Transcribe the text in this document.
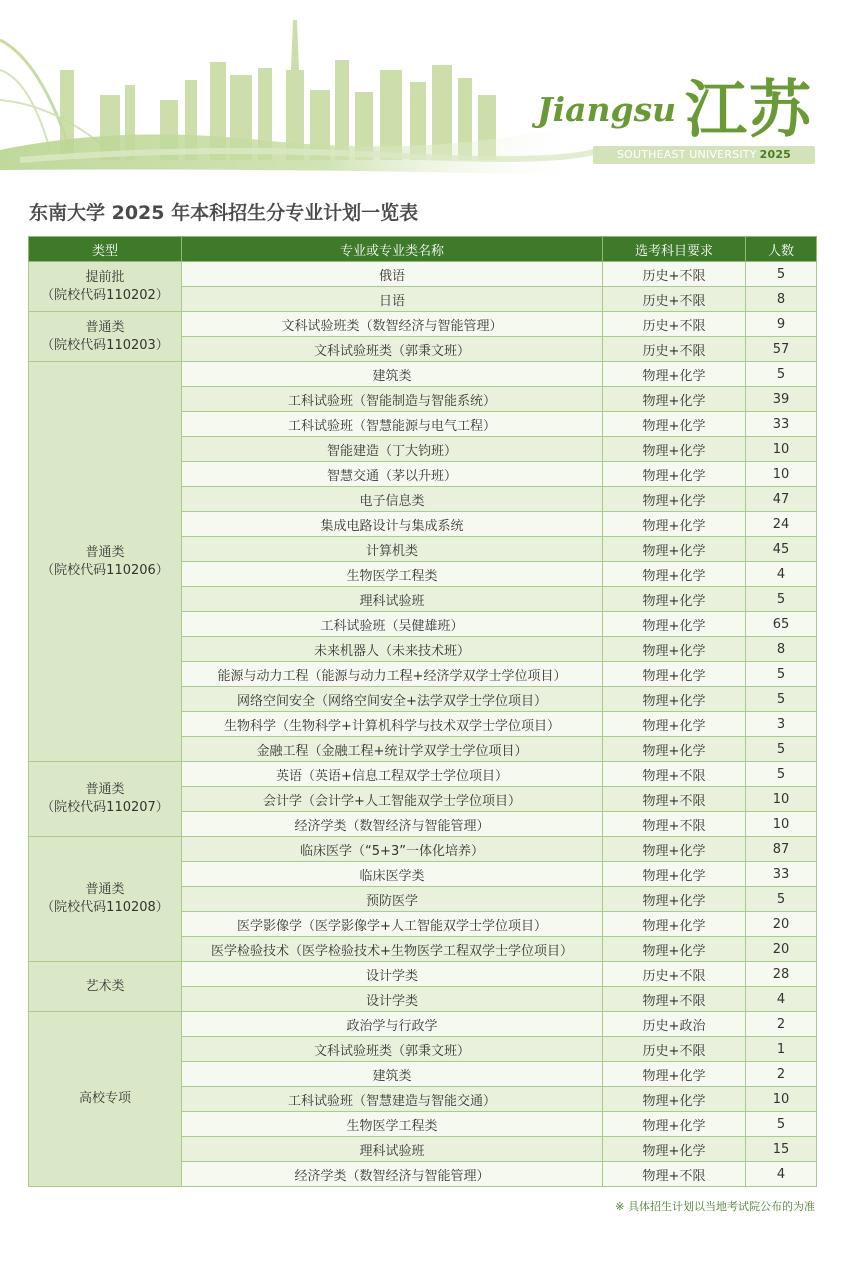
Jiangsu 江苏
SOUTHEAST UNIVERSITY 2025
东南大学 2025 年本科招生分专业计划一览表
类型	专业或专业类名称	选考科目要求	人数

提前批
（院校代码110202）	俄语	历史+不限	5
	日语	历史+不限	8

普通类
（院校代码110203）	文科试验班类（数智经济与智能管理）	历史+不限	9
	文科试验班类（郭秉文班）	历史+不限	57

普通类
（院校代码110206）	建筑类	物理+化学	5
	工科试验班（智能制造与智能系统）	物理+化学	39
	工科试验班（智慧能源与电气工程）	物理+化学	33
	智能建造（丁大钧班）	物理+化学	10
	智慧交通（茅以升班）	物理+化学	10
	电子信息类	物理+化学	47
	集成电路设计与集成系统	物理+化学	24
	计算机类	物理+化学	45
	生物医学工程类	物理+化学	4
	理科试验班	物理+化学	5
	工科试验班（吴健雄班）	物理+化学	65
	未来机器人（未来技术班）	物理+化学	8
	能源与动力工程（能源与动力工程+经济学双学士学位项目）	物理+化学	5
	网络空间安全（网络空间安全+法学双学士学位项目）	物理+化学	5
	生物科学（生物科学+计算机科学与技术双学士学位项目）	物理+化学	3
	金融工程（金融工程+统计学双学士学位项目）	物理+化学	5

普通类
（院校代码110207）	英语（英语+信息工程双学士学位项目）	物理+不限	5
	会计学（会计学+人工智能双学士学位项目）	物理+不限	10
	经济学类（数智经济与智能管理）	物理+不限	10

普通类
（院校代码110208）	临床医学（“5+3”一体化培养）	物理+化学	87
	临床医学类	物理+化学	33
	预防医学	物理+化学	5
	医学影像学（医学影像学+人工智能双学士学位项目）	物理+化学	20
	医学检验技术（医学检验技术+生物医学工程双学士学位项目）	物理+化学	20

艺术类	设计学类	历史+不限	28
	设计学类	物理+不限	4

高校专项	政治学与行政学	历史+政治	2
	文科试验班类（郭秉文班）	历史+不限	1
	建筑类	物理+化学	2
	工科试验班（智慧建造与智能交通）	物理+化学	10
	生物医学工程类	物理+化学	5
	理科试验班	物理+化学	15
	经济学类（数智经济与智能管理）	物理+不限	4
※ 具体招生计划以当地考试院公布的为准
